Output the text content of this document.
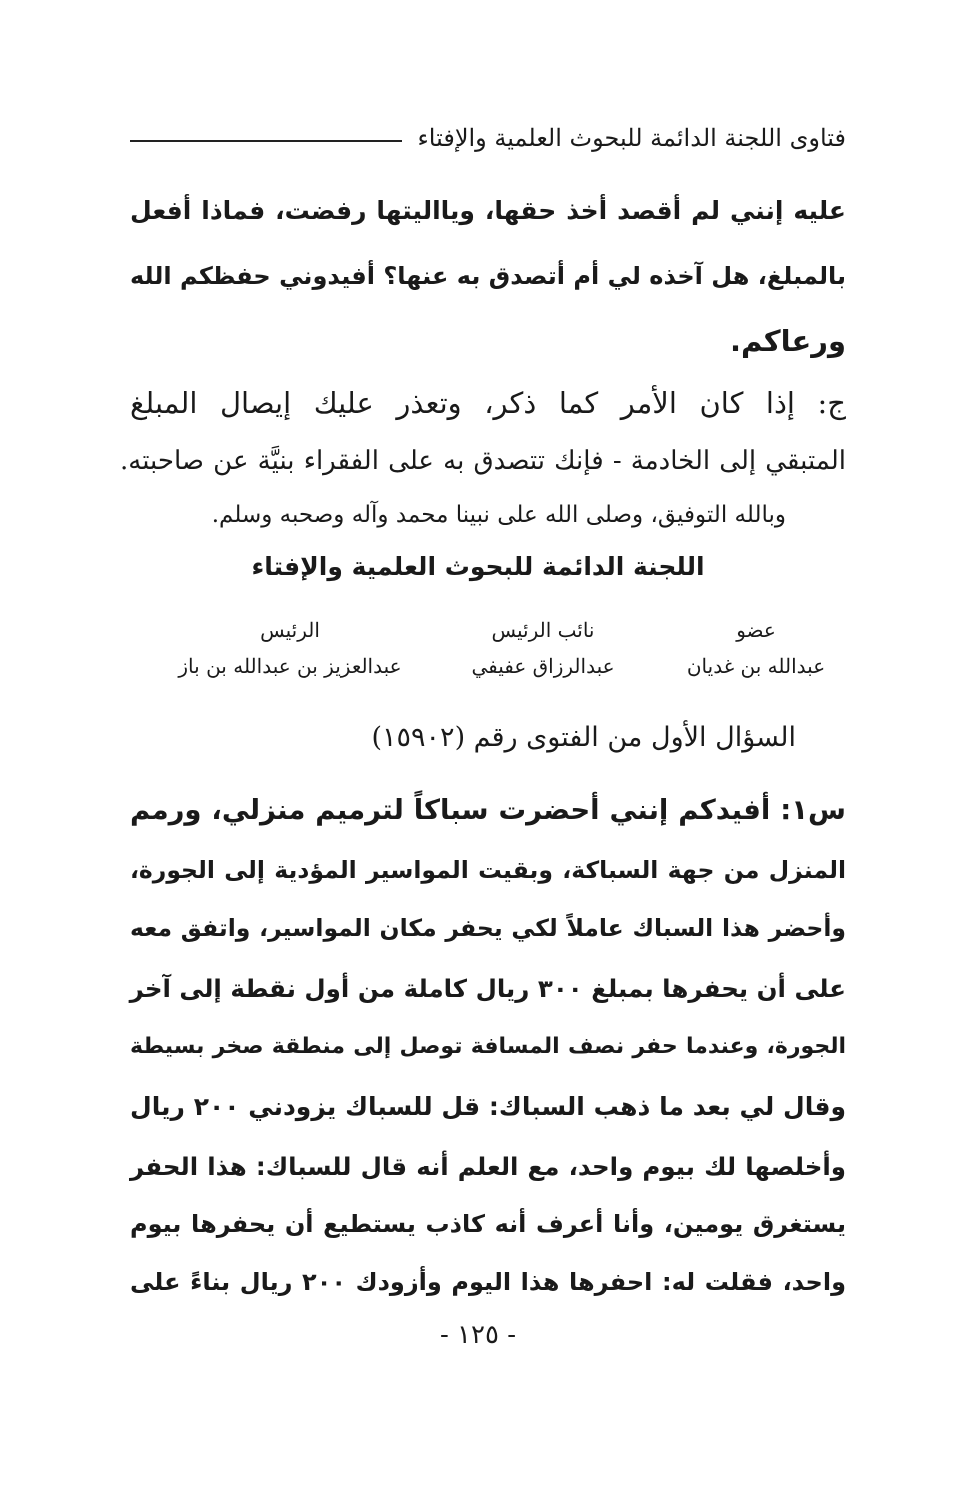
فتاوى اللجنة الدائمة للبحوث العلمية والإفتاء
عليه إنني لم أقصد أخذ حقها، ويااليتها رفضت، فماذا أفعل
بالمبلغ، هل آخذه لي أم أتصدق به عنها؟ أفيدوني حفظكم الله
ورعاكم.
ج: إذا كان الأمر كما ذكر، وتعذر عليك إيصال المبلغ
المتبقي إلى الخادمة - فإنك تتصدق به على الفقراء بنيَّة عن صاحبته.
وبالله التوفيق، وصلى الله على نبينا محمد وآله وصحبه وسلم.
اللجنة الدائمة للبحوث العلمية والإفتاء
عضو
نائب الرئيس
الرئيس
عبدالله بن غديان
عبدالرزاق عفيفي
عبدالعزيز بن عبدالله بن باز
السؤال الأول من الفتوى رقم (١٥٩٠٢)
س١: أفيدكم إنني أحضرت سباكاً لترميم منزلي، ورمم
المنزل من جهة السباكة، وبقيت المواسير المؤدية إلى الجورة،
وأحضر هذا السباك عاملاً لكي يحفر مكان المواسير، واتفق معه
على أن يحفرها بمبلغ ٣٠٠ ريال كاملة من أول نقطة إلى آخر
الجورة، وعندما حفر نصف المسافة توصل إلى منطقة صخر بسيطة
وقال لي بعد ما ذهب السباك: قل للسباك يزودني ٢٠٠ ريال
وأخلصها لك بيوم واحد، مع العلم أنه قال للسباك: هذا الحفر
يستغرق يومين، وأنا أعرف أنه كاذب يستطيع أن يحفرها بيوم
واحد، فقلت له: احفرها هذا اليوم وأزودك ٢٠٠ ريال بناءً على
- ١٢٥ -
